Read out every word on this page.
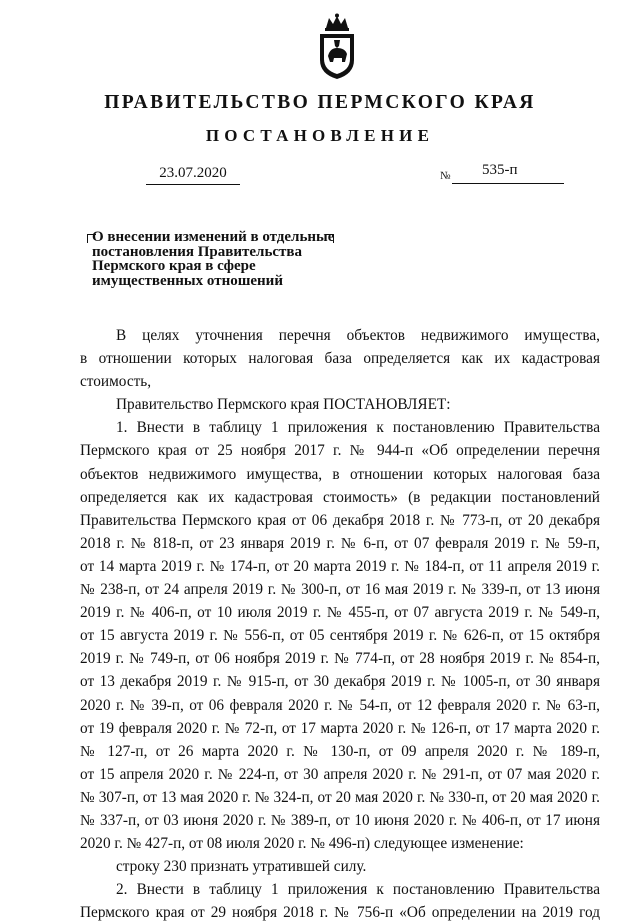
ПРАВИТЕЛЬСТВО ПЕРМСКОГО КРАЯ
ПОСТАНОВЛЕНИЕ
23.07.2020	№	535-п
О внесении изменений в отдельные
постановления Правительства
Пермского края в сфере
имущественных отношений
В целях уточнения перечня объектов недвижимого имущества,
в отношении которых налоговая база определяется как их кадастровая
стоимость,
Правительство Пермского края ПОСТАНОВЛЯЕТ:
1. Внести в таблицу 1 приложения к постановлению Правительства
Пермского края от 25 ноября 2017 г. № 944-п «Об определении перечня
объектов недвижимого имущества, в отношении которых налоговая база
определяется как их кадастровая стоимость» (в редакции постановлений
Правительства Пермского края от 06 декабря 2018 г. № 773-п, от 20 декабря
2018 г. № 818-п, от 23 января 2019 г. № 6-п, от 07 февраля 2019 г. № 59-п,
от 14 марта 2019 г. № 174-п, от 20 марта 2019 г. № 184-п, от 11 апреля 2019 г.
№ 238-п, от 24 апреля 2019 г. № 300-п, от 16 мая 2019 г. № 339-п, от 13 июня
2019 г. № 406-п, от 10 июля 2019 г. № 455-п, от 07 августа 2019 г. № 549-п,
от 15 августа 2019 г. № 556-п, от 05 сентября 2019 г. № 626-п, от 15 октября
2019 г. № 749-п, от 06 ноября 2019 г. № 774-п, от 28 ноября 2019 г. № 854-п,
от 13 декабря 2019 г. № 915-п, от 30 декабря 2019 г. № 1005-п, от 30 января
2020 г. № 39-п, от 06 февраля 2020 г. № 54-п, от 12 февраля 2020 г. № 63-п,
от 19 февраля 2020 г. № 72-п, от 17 марта 2020 г. № 126-п, от 17 марта 2020 г.
№ 127-п, от 26 марта 2020 г. № 130-п, от 09 апреля 2020 г. № 189-п,
от 15 апреля 2020 г. № 224-п, от 30 апреля 2020 г. № 291-п, от 07 мая 2020 г.
№ 307-п, от 13 мая 2020 г. № 324-п, от 20 мая 2020 г. № 330-п, от 20 мая 2020 г.
№ 337-п, от 03 июня 2020 г. № 389-п, от 10 июня 2020 г. № 406-п, от 17 июня
2020 г. № 427-п, от 08 июля 2020 г. № 496-п) следующее изменение:
строку 230 признать утратившей силу.
2. Внести в таблицу 1 приложения к постановлению Правительства
Пермского края от 29 ноября 2018 г. № 756-п «Об определении на 2019 год
